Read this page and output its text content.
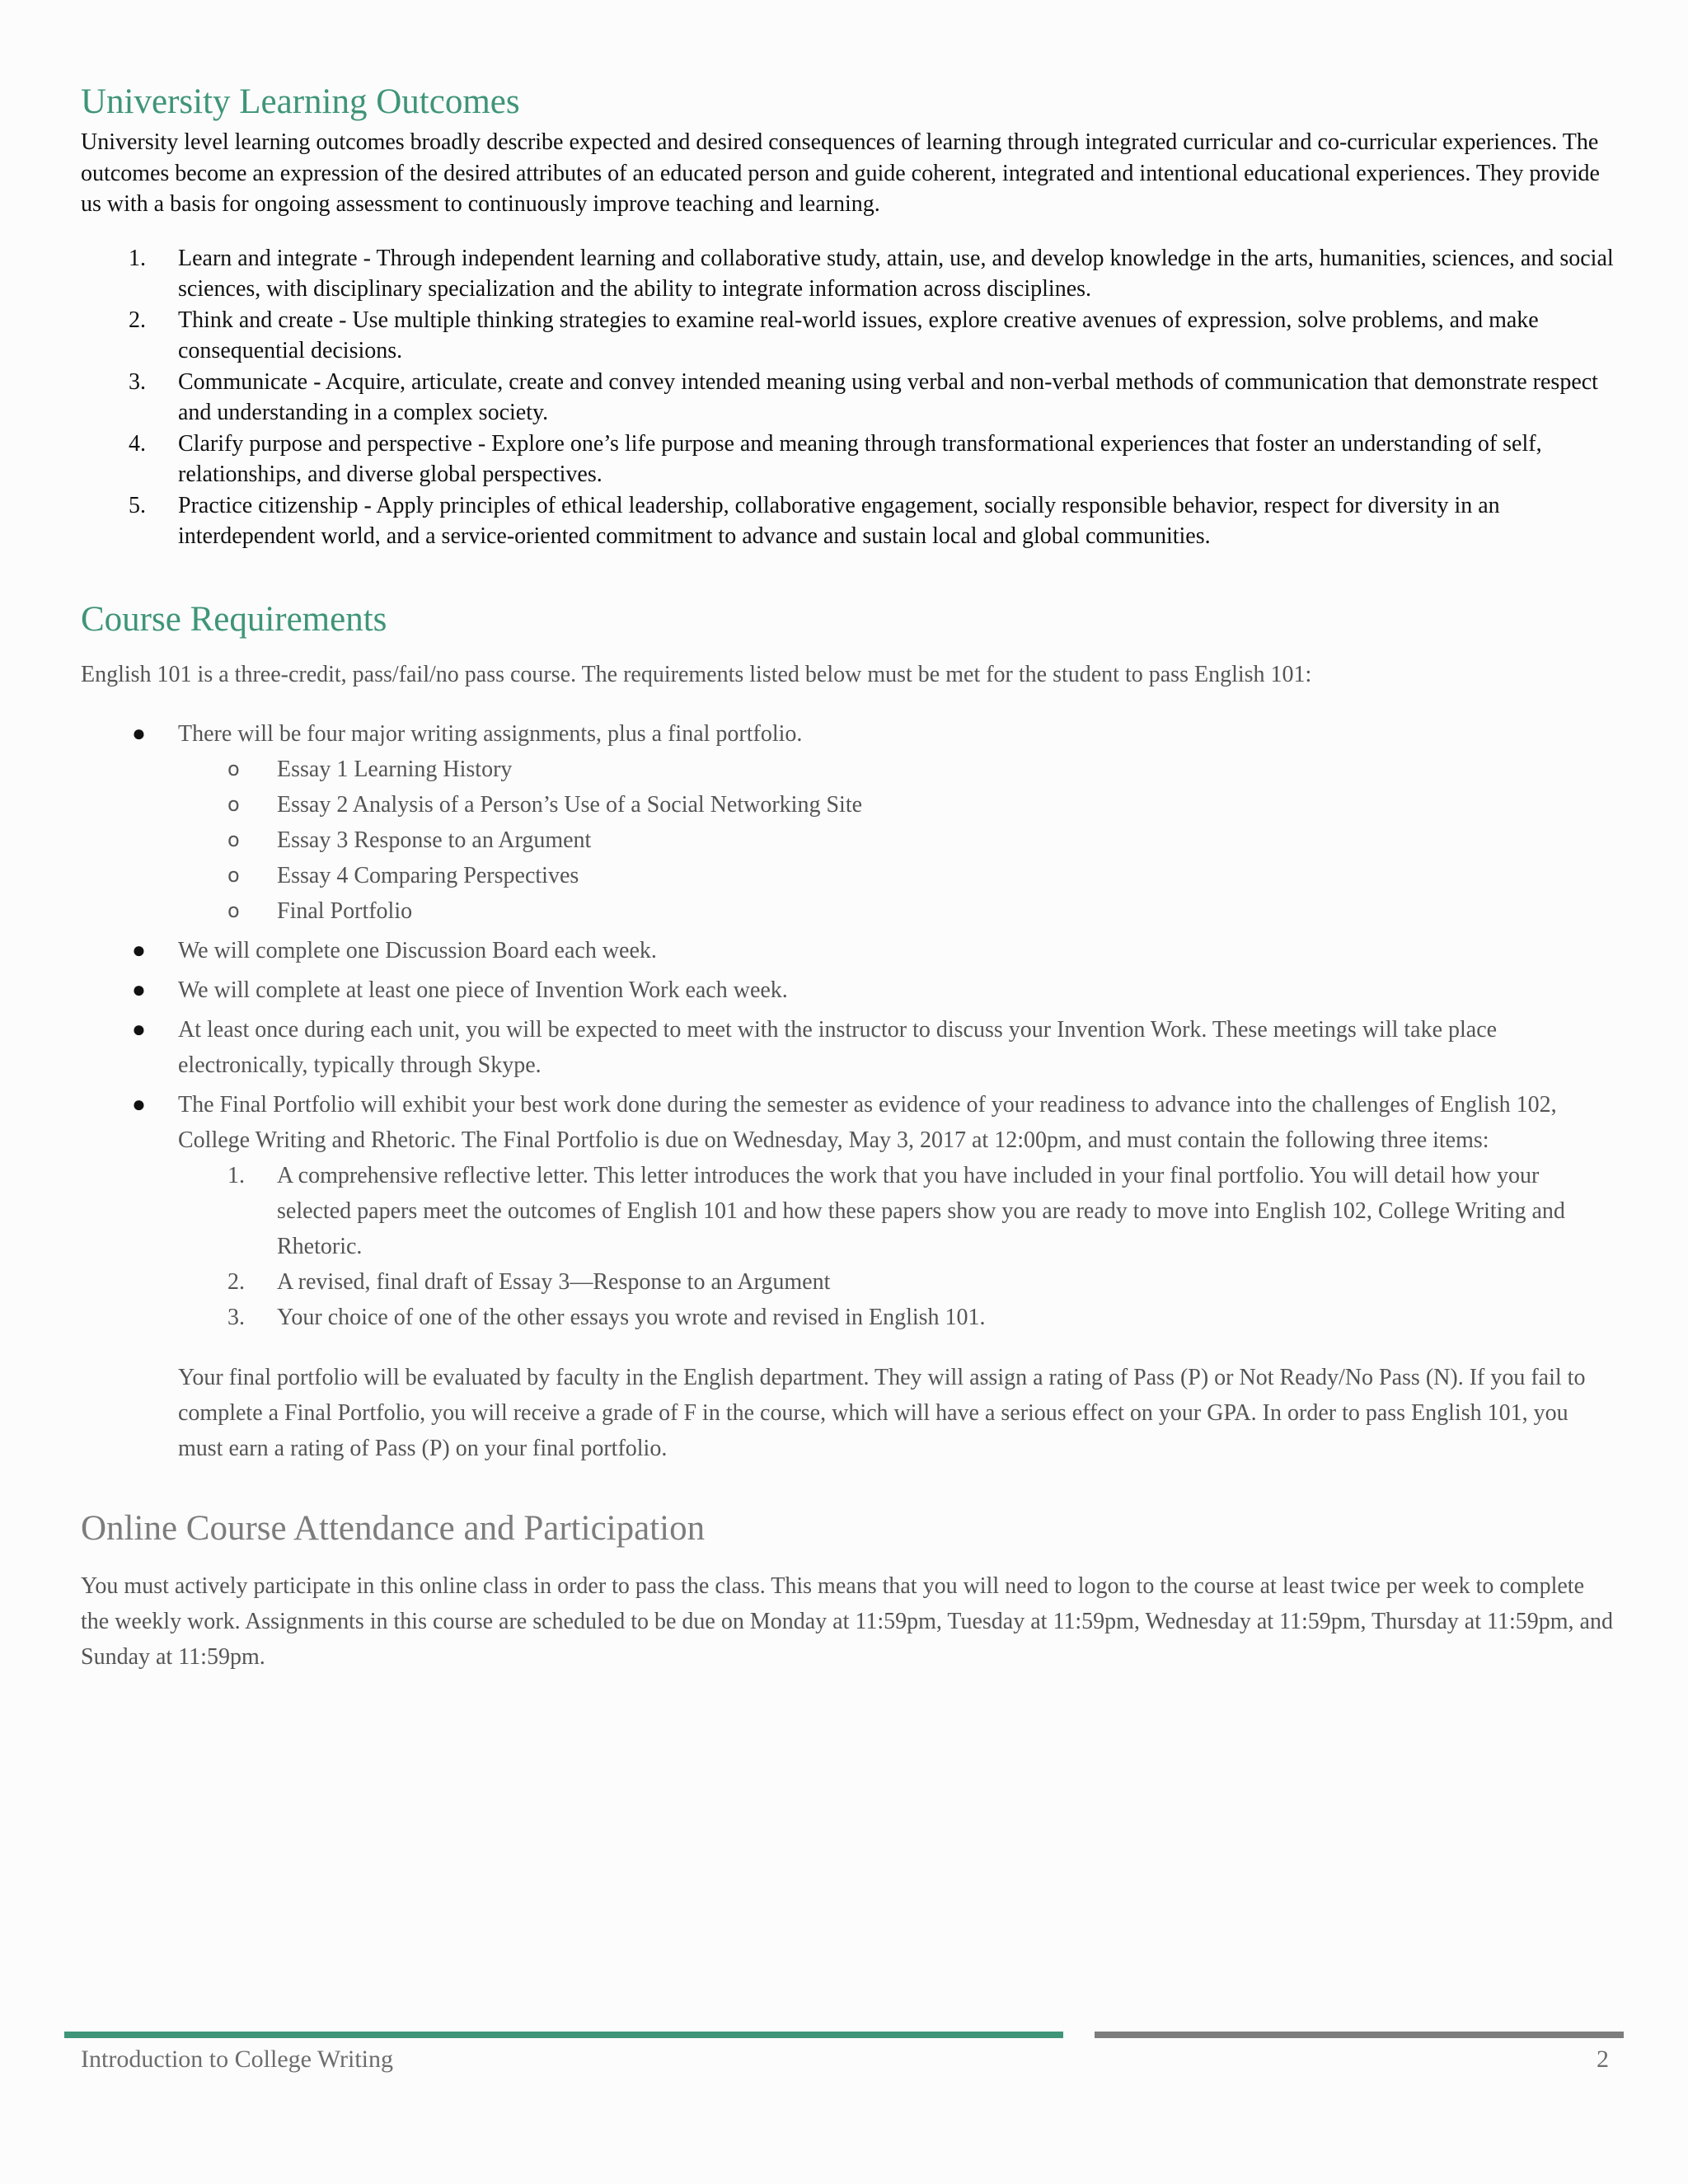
University Learning Outcomes

University level learning outcomes broadly describe expected and desired consequences of learning through integrated curricular and co-curricular experiences. The outcomes become an expression of the desired attributes of an educated person and guide coherent, integrated and intentional educational experiences. They provide us with a basis for ongoing assessment to continuously improve teaching and learning.

1. Learn and integrate - Through independent learning and collaborative study, attain, use, and develop knowledge in the arts, humanities, sciences, and social sciences, with disciplinary specialization and the ability to integrate information across disciplines.
2. Think and create - Use multiple thinking strategies to examine real-world issues, explore creative avenues of expression, solve problems, and make consequential decisions.
3. Communicate - Acquire, articulate, create and convey intended meaning using verbal and non-verbal methods of communication that demonstrate respect and understanding in a complex society.
4. Clarify purpose and perspective - Explore one’s life purpose and meaning through transformational experiences that foster an understanding of self, relationships, and diverse global perspectives.
5. Practice citizenship - Apply principles of ethical leadership, collaborative engagement, socially responsible behavior, respect for diversity in an interdependent world, and a service-oriented commitment to advance and sustain local and global communities.
Course Requirements
English 101 is a three-credit, pass/fail/no pass course. The requirements listed below must be met for the student to pass English 101:
● There will be four major writing assignments, plus a final portfolio.
o Essay 1 Learning History
o Essay 2 Analysis of a Person’s Use of a Social Networking Site
o Essay 3 Response to an Argument
o Essay 4 Comparing Perspectives
o Final Portfolio
● We will complete one Discussion Board each week.
● We will complete at least one piece of Invention Work each week.
● At least once during each unit, you will be expected to meet with the instructor to discuss your Invention Work. These meetings will take place electronically, typically through Skype.
● The Final Portfolio will exhibit your best work done during the semester as evidence of your readiness to advance into the challenges of English 102, College Writing and Rhetoric. The Final Portfolio is due on Wednesday, May 3, 2017 at 12:00pm, and must contain the following three items:
1. A comprehensive reflective letter. This letter introduces the work that you have included in your final portfolio. You will detail how your selected papers meet the outcomes of English 101 and how these papers show you are ready to move into English 102, College Writing and Rhetoric.
2. A revised, final draft of Essay 3—Response to an Argument
3. Your choice of one of the other essays you wrote and revised in English 101.
Your final portfolio will be evaluated by faculty in the English department. They will assign a rating of Pass (P) or Not Ready/No Pass (N). If you fail to complete a Final Portfolio, you will receive a grade of F in the course, which will have a serious effect on your GPA. In order to pass English 101, you must earn a rating of Pass (P) on your final portfolio.
Online Course Attendance and Participation
You must actively participate in this online class in order to pass the class. This means that you will need to logon to the course at least twice per week to complete the weekly work. Assignments in this course are scheduled to be due on Monday at 11:59pm, Tuesday at 11:59pm, Wednesday at 11:59pm, Thursday at 11:59pm, and Sunday at 11:59pm.
Introduction to College Writing	2
